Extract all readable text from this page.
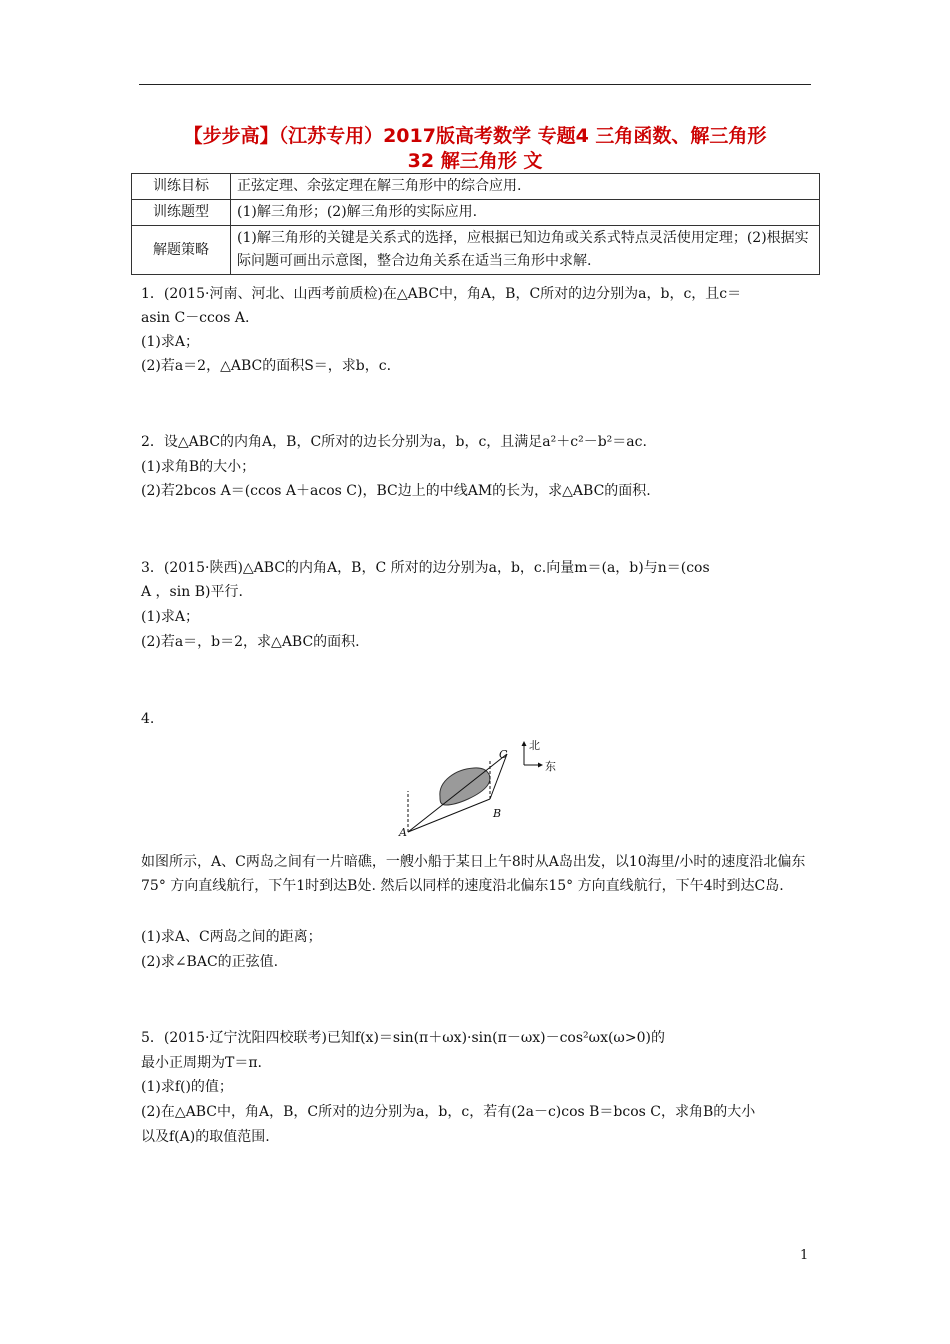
【步步高】（江苏专用）2017版高考数学 专题4 三角函数、解三角形
32 解三角形 文
训练目标	正弦定理、余弦定理在解三角形中的综合应用.
训练题型	(1)解三角形；(2)解三角形的实际应用.
解题策略	(1)解三角形的关键是关系式的选择，应根据已知边角或关系式特点灵活使用定理；(2)根据实际问题可画出示意图，整合边角关系在适当三角形中求解.
1．(2015·河南、河北、山西考前质检)在△ABC中，角A，B，C所对的边分别为a，b，c，且c＝
asin C－ccos A.
(1)求A；
(2)若a＝2，△ABC的面积S＝，求b，c.
2．设△ABC的内角A，B，C所对的边长分别为a，b，c，且满足a²＋c²－b²＝ac.
(1)求角B的大小；
(2)若2bcos A＝(ccos A＋acos C)，BC边上的中线AM的长为，求△ABC的面积.
3．(2015·陕西)△ABC的内角A，B，C 所对的边分别为a，b，c.向量m＝(a，b)与n＝(cos
A ，sin B)平行.
(1)求A；
(2)若a＝，b＝2，求△ABC的面积.
4.
A
B
C
北
东
如图所示，A、C两岛之间有一片暗礁，一艘小船于某日上午8时从A岛出发，以10海里/小时的速度沿北偏东75° 方向直线航行，下午1时到达B处. 然后以同样的速度沿北偏东15° 方向直线航行，下午4时到达C岛.
(1)求A、C两岛之间的距离；
(2)求∠BAC的正弦值.
5．(2015·辽宁沈阳四校联考)已知f(x)＝sin(π＋ωx)·sin(π－ωx)－cos²ωx(ω>0)的
最小正周期为T＝π.
(1)求f()的值；
(2)在△ABC中，角A，B，C所对的边分别为a，b，c，若有(2a－c)cos B＝bcos C，求角B的大小
以及f(A)的取值范围.
1
